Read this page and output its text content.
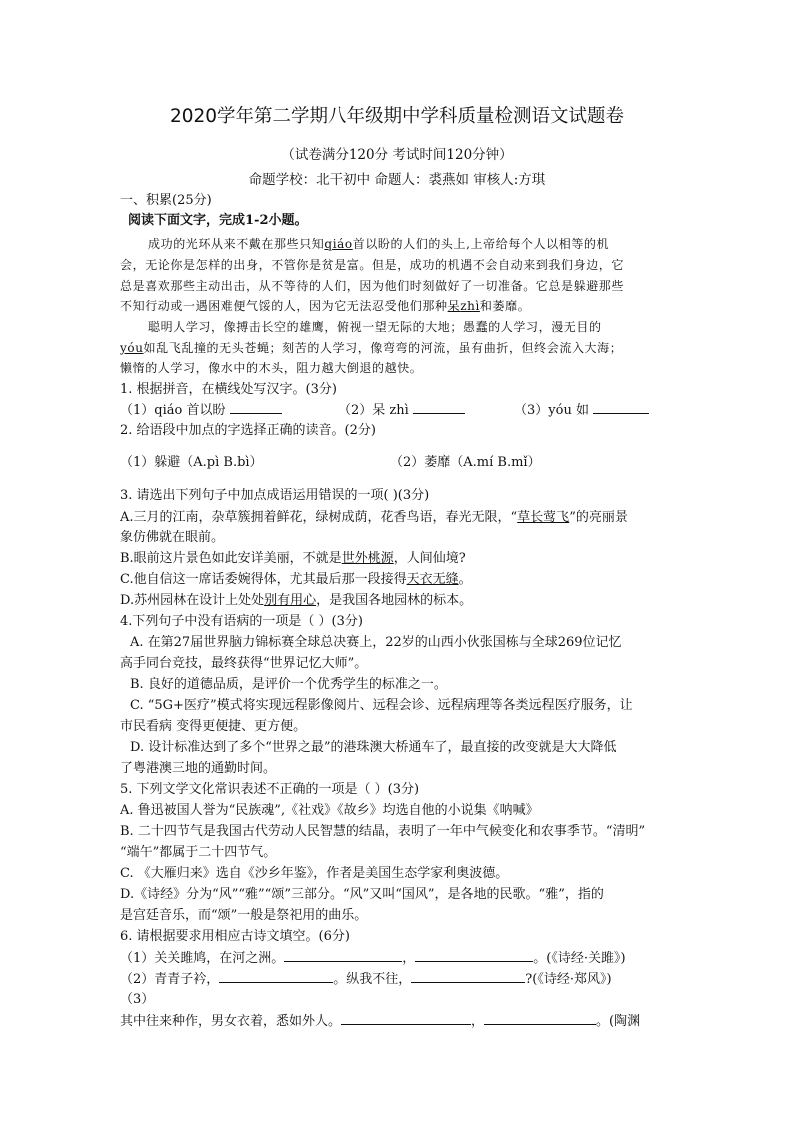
2020学年第二学期八年级期中学科质量检测语文试题卷
（试卷满分120分 考试时间120分钟）
命题学校：北干初中 命题人：裘燕如 审核人:方琪
一、积累(25分)
阅读下面文字，完成1-2小题。
成功的光环从来不戴在那些只知qiáo首以盼的人们的头上,上帝给每个人以相等的机
会，无论你是怎样的出身，不管你是贫是富。但是，成功的机遇不会自动来到我们身边，它
总是喜欢那些主动出击，从不等待的人们，因为他们时刻做好了一切准备。它总是躲避那些
不知行动或一遇困难便气馁的人，因为它无法忍受他们那种呆zhì和萎靡。
聪明人学习，像搏击长空的雄鹰，俯视一望无际的大地；愚蠢的人学习，漫无目的
yóu如乱飞乱撞的无头苍蝇；刻苦的人学习，像弯弯的河流，虽有曲折，但终会流入大海；
懒惰的人学习，像水中的木头，阻力越大倒退的越快。
1. 根据拼音，在横线处写汉字。(3分)
（1）qiáo 首以盼	（2）呆 zhì	（3）yóu 如
2. 给语段中加点的字选择正确的读音。(2分)
（1）躲避（A.pì B.bì）	（2）萎靡（A.mí B.mǐ）
3. 请选出下列句子中加点成语运用错误的一项( )(3分)
A.三月的江南，杂草簇拥着鲜花，绿树成荫，花香鸟语，春光无限，“草长莺飞”的亮丽景
象仿佛就在眼前。
B.眼前这片景色如此安详美丽，不就是世外桃源，人间仙境?
C.他自信这一席话委婉得体，尤其最后那一段接得天衣无缝。
D.苏州园林在设计上处处别有用心，是我国各地园林的标本。
4.下列句子中没有语病的一项是（ ）(3分)
A. 在第27届世界脑力锦标赛全球总决赛上，22岁的山西小伙张国栋与全球269位记忆
高手同台竞技，最终获得“世界记忆大师”。
B. 良好的道德品质，是评价一个优秀学生的标准之一。
C. “5G+医疗”模式将实现远程影像阅片、远程会诊、远程病理等各类远程医疗服务，让
市民看病 变得更便捷、更方便。
D. 设计标准达到了多个“世界之最”的港珠澳大桥通车了，最直接的改变就是大大降低
了粤港澳三地的通勤时间。
5. 下列文学文化常识表述不正确的一项是（ ）(3分)
A. 鲁迅被国人誉为“民族魂”,《社戏》《故乡》均选自他的小说集《呐喊》
B. 二十四节气是我国古代劳动人民智慧的结晶，表明了一年中气候变化和农事季节。“清明”
“端午”都属于二十四节气。
C. 《大雁归来》选自《沙乡年鉴》，作者是美国生态学家利奥波德。
D.《诗经》分为“风”“雅”“颂”三部分。“风”又叫“国风”，是各地的民歌。“雅”，指的
是宫廷音乐，而“颂”一般是祭祀用的曲乐。
6. 请根据要求用相应古诗文填空。(6分)
（1）关关雎鸠，在河之洲。	，	。(《诗经·关雎》)
（2）青青子衿，	。纵我不往，	?(《诗经·郑风》)
（3）
其中往来种作，男女衣着，悉如外人。	，	。(陶渊
